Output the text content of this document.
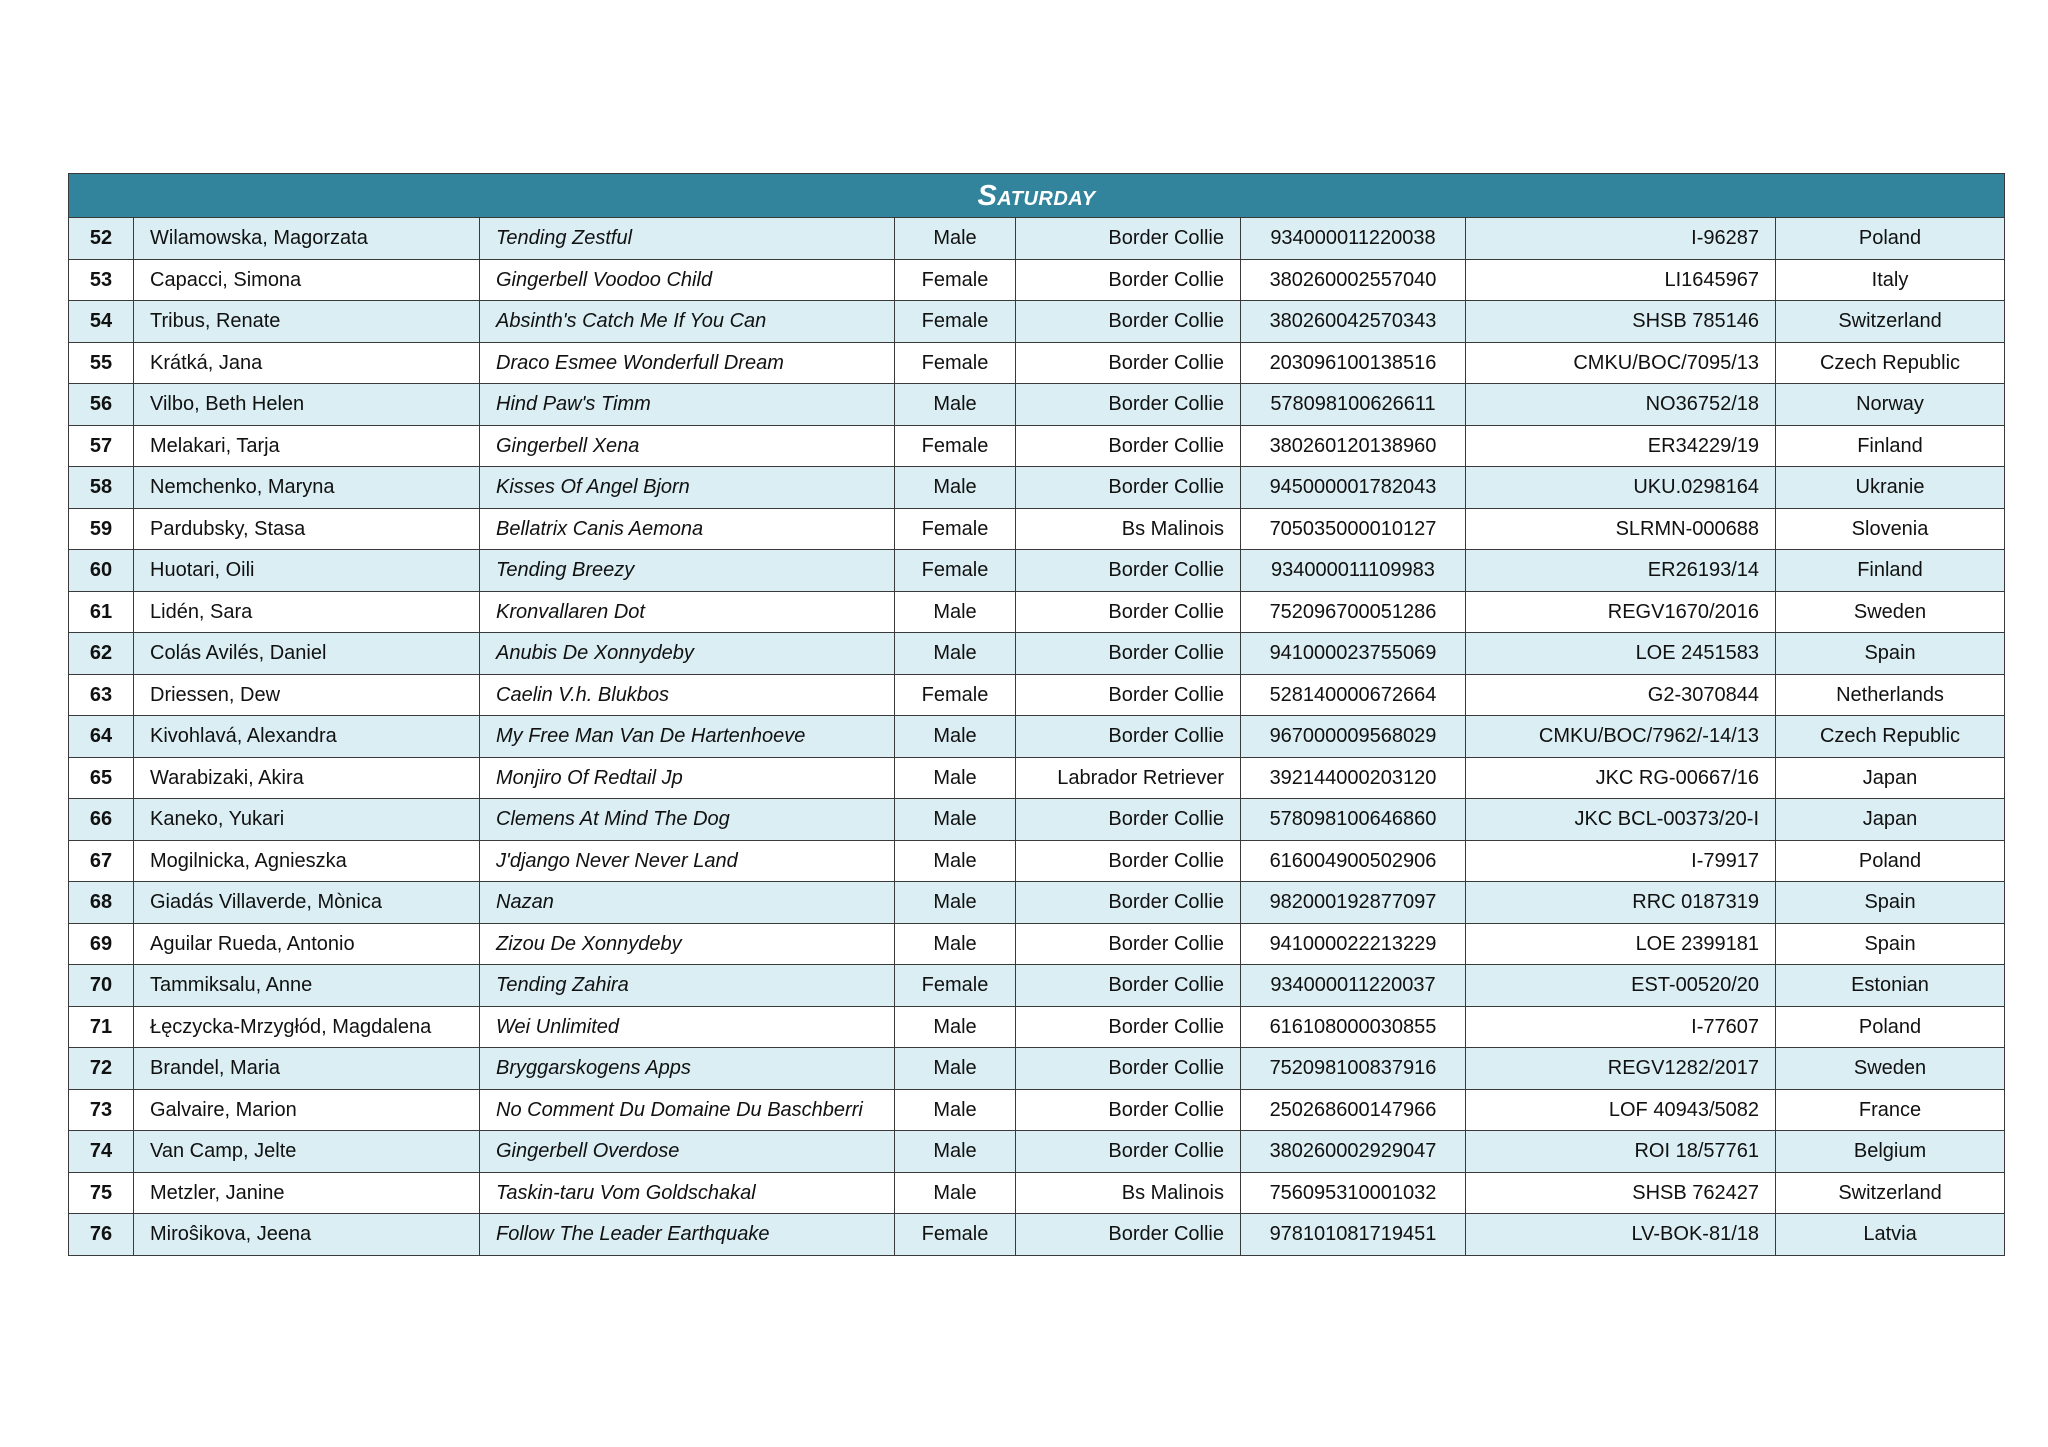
Saturday							
52	Wilamowska, Magorzata	Tending Zestful	Male	Border Collie	934000011220038	I-96287	Poland
53	Capacci, Simona	Gingerbell Voodoo Child	Female	Border Collie	380260002557040	LI1645967	Italy
54	Tribus, Renate	Absinth's Catch Me If You Can	Female	Border Collie	380260042570343	SHSB 785146	Switzerland
55	Krátká, Jana	Draco Esmee Wonderfull Dream	Female	Border Collie	203096100138516	CMKU/BOC/7095/13	Czech Republic
56	Vilbo, Beth Helen	Hind Paw's Timm	Male	Border Collie	578098100626611	NO36752/18	Norway
57	Melakari, Tarja	Gingerbell Xena	Female	Border Collie	380260120138960	ER34229/19	Finland
58	Nemchenko, Maryna	Kisses Of Angel Bjorn	Male	Border Collie	945000001782043	UKU.0298164	Ukranie
59	Pardubsky, Stasa	Bellatrix Canis Aemona	Female	Bs Malinois	705035000010127	SLRMN-000688	Slovenia
60	Huotari, Oili	Tending Breezy	Female	Border Collie	934000011109983	ER26193/14	Finland
61	Lidén, Sara	Kronvallaren Dot	Male	Border Collie	752096700051286	REGV1670/2016	Sweden
62	Colás Avilés, Daniel	Anubis De Xonnydeby	Male	Border Collie	941000023755069	LOE 2451583	Spain
63	Driessen, Dew	Caelin V.h. Blukbos	Female	Border Collie	528140000672664	G2-3070844	Netherlands
64	Kivohlavá, Alexandra	My Free Man Van De Hartenhoeve	Male	Border Collie	967000009568029	CMKU/BOC/7962/-14/13	Czech Republic
65	Warabizaki, Akira	Monjiro Of Redtail Jp	Male	Labrador Retriever	392144000203120	JKC RG-00667/16	Japan
66	Kaneko, Yukari	Clemens At Mind The Dog	Male	Border Collie	578098100646860	JKC BCL-00373/20-I	Japan
67	Mogilnicka, Agnieszka	J'django Never Never Land	Male	Border Collie	616004900502906	I-79917	Poland
68	Giadás Villaverde, Mònica	Nazan	Male	Border Collie	982000192877097	RRC 0187319	Spain
69	Aguilar Rueda, Antonio	Zizou De Xonnydeby	Male	Border Collie	941000022213229	LOE 2399181	Spain
70	Tammiksalu, Anne	Tending Zahira	Female	Border Collie	934000011220037	EST-00520/20	Estonian
71	Łęczycka-Mrzygłód, Magdalena	Wei Unlimited	Male	Border Collie	616108000030855	I-77607	Poland
72	Brandel, Maria	Bryggarskogens Apps	Male	Border Collie	752098100837916	REGV1282/2017	Sweden
73	Galvaire, Marion	No Comment Du Domaine Du Baschberri	Male	Border Collie	250268600147966	LOF 40943/5082	France
74	Van Camp, Jelte	Gingerbell Overdose	Male	Border Collie	380260002929047	ROI 18/57761	Belgium
75	Metzler, Janine	Taskin-taru Vom Goldschakal	Male	Bs Malinois	756095310001032	SHSB 762427	Switzerland
76	Miroŝikova, Jeena	Follow The Leader Earthquake	Female	Border Collie	978101081719451	LV-BOK-81/18	Latvia
